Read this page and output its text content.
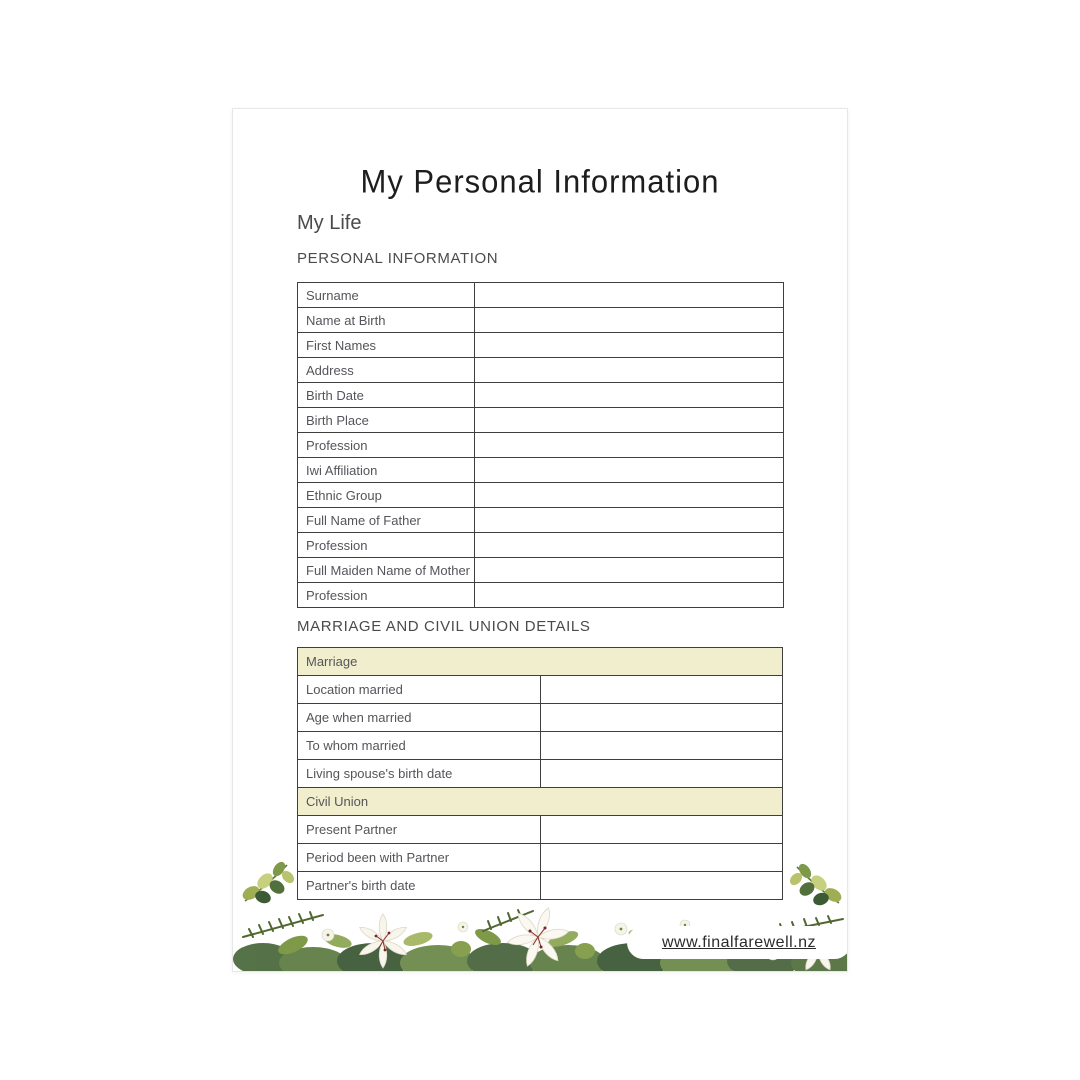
My Personal Information
My Life
PERSONAL INFORMATION
Surname	
Name at Birth	
First Names	
Address	
Birth Date	
Birth Place	
Profession	
Iwi Affiliation	
Ethnic Group	
Full Name of Father	
Profession	
Full Maiden Name of Mother	
Profession	
MARRIAGE AND CIVIL UNION DETAILS
Marriage	
Location married	
Age when married	
To whom married	
Living spouse's birth date	
Civil Union	
Present Partner	
Period been with Partner	
Partner's birth date	
www.finalfarewell.nz
